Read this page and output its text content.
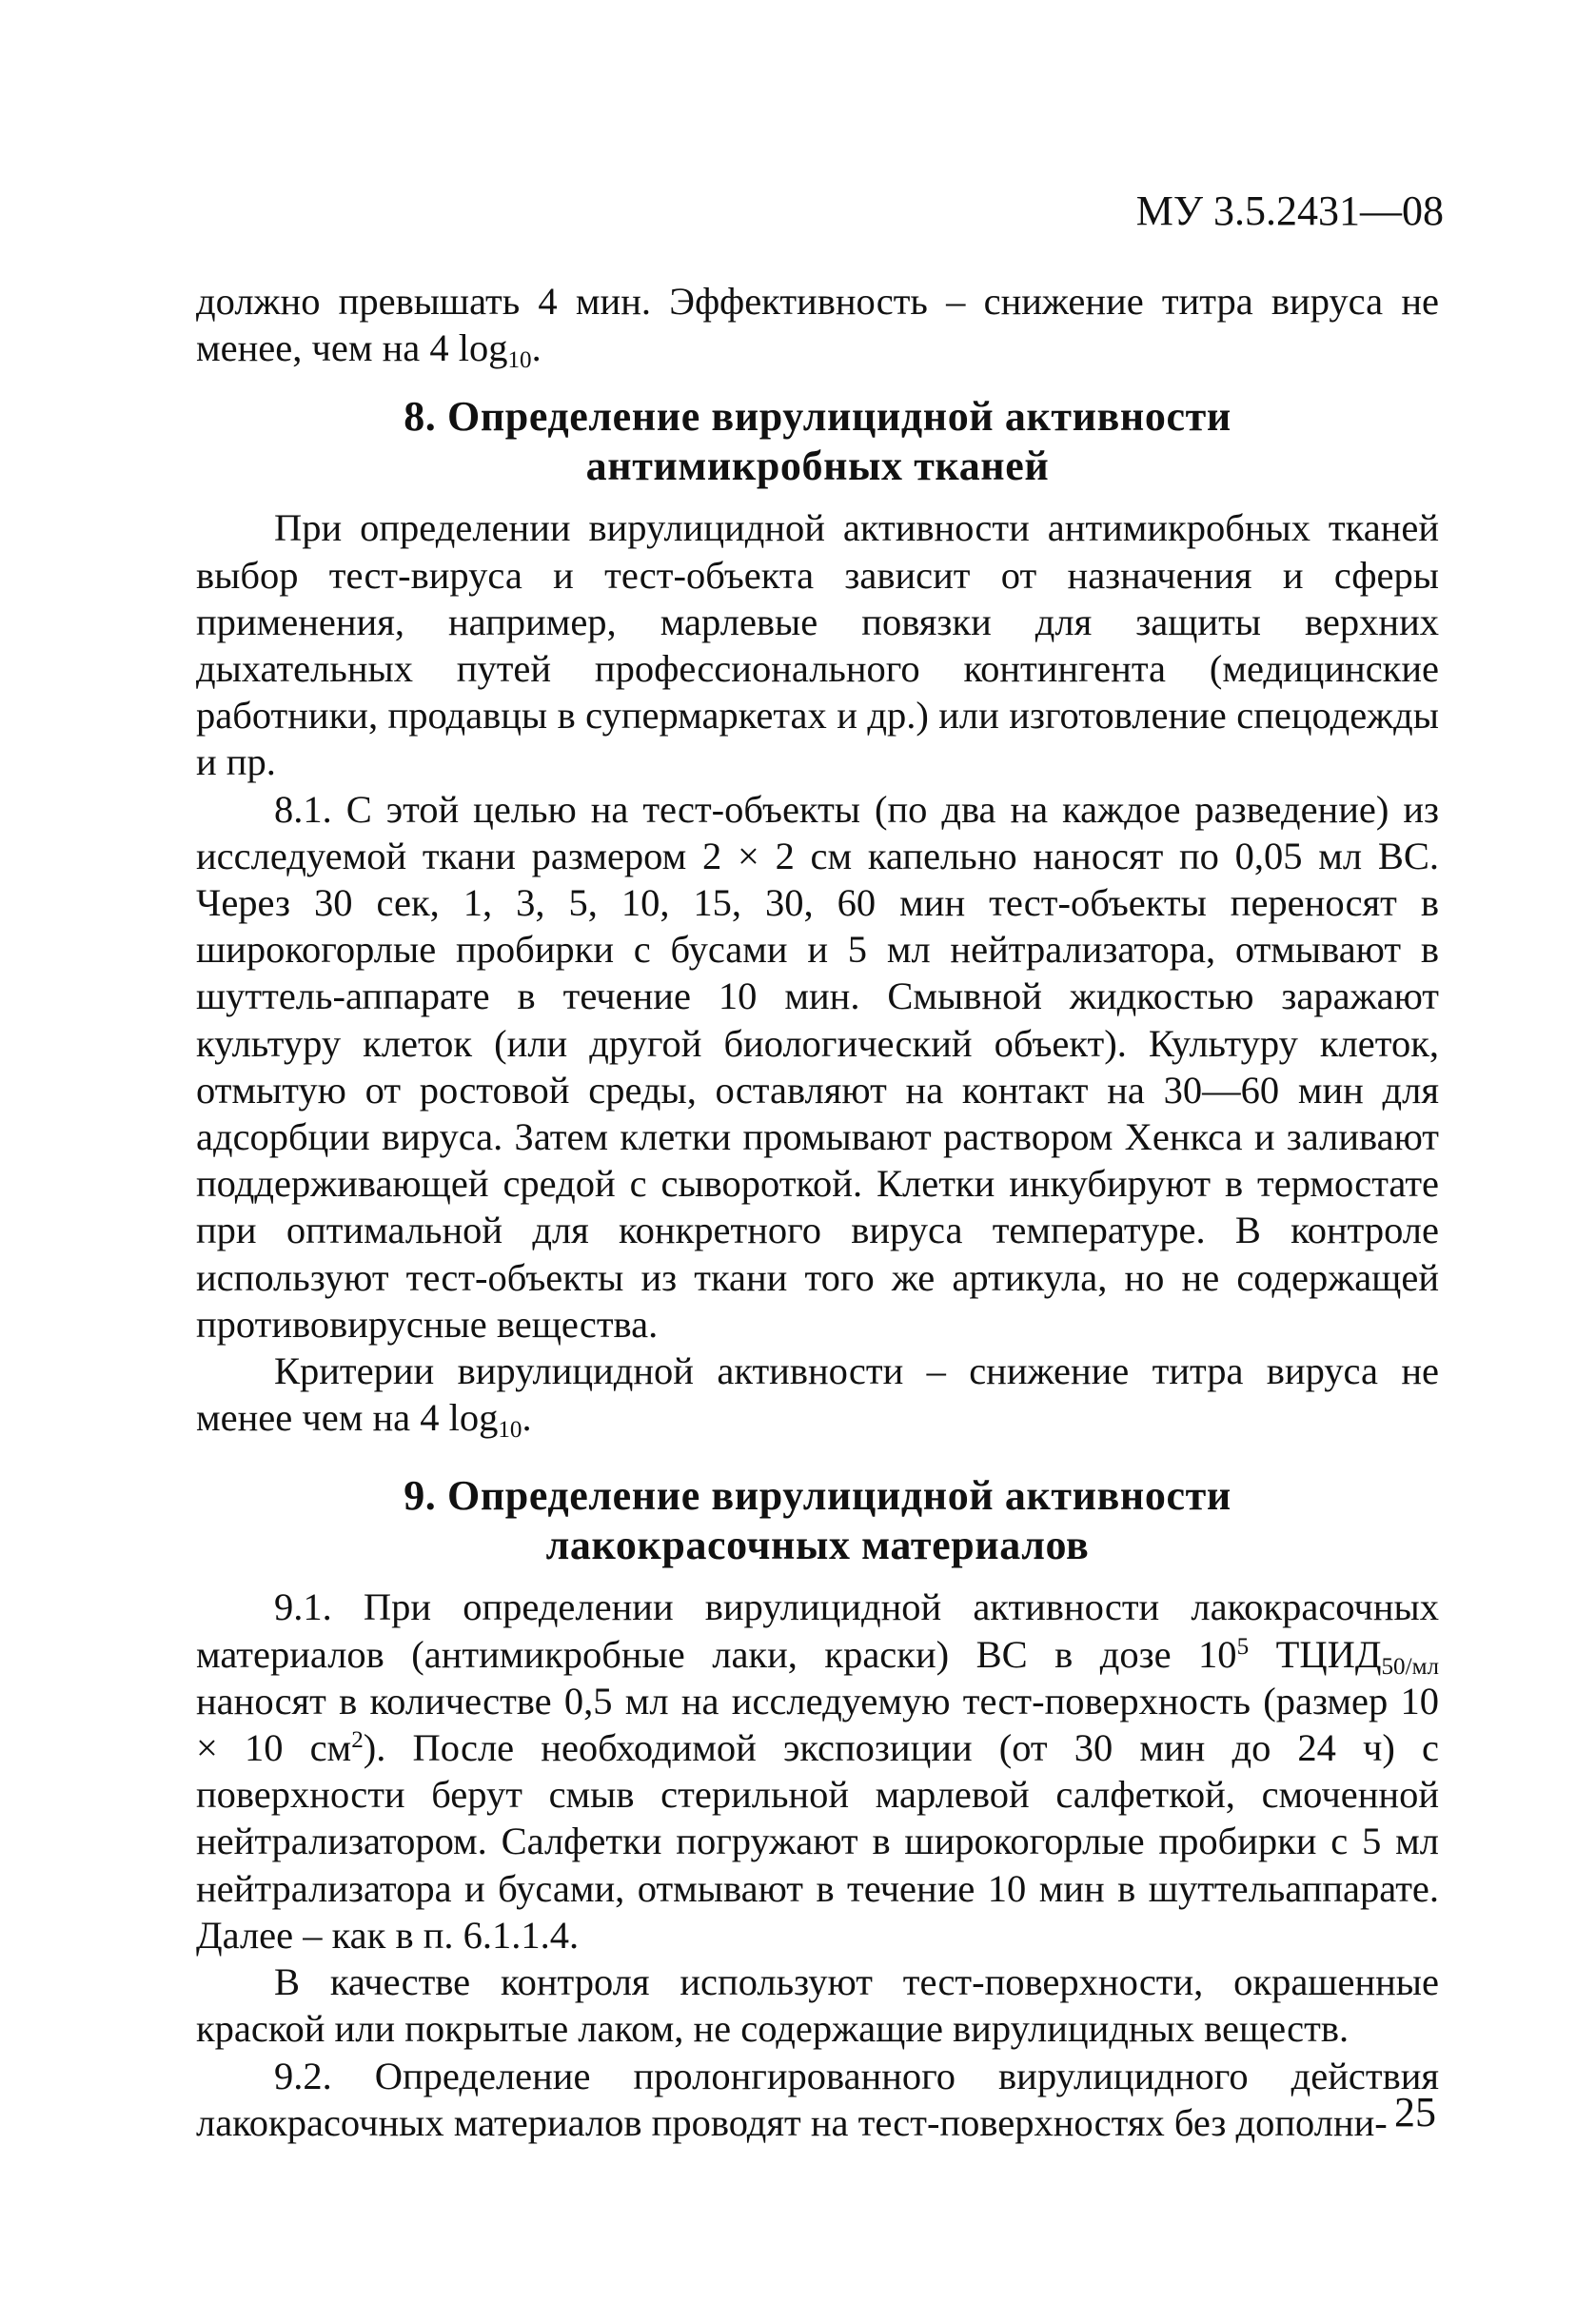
МУ 3.5.2431—08

должно превышать 4 мин. Эффективность – снижение титра вируса не менее, чем на 4 $\log_{10}$.

8. Определение вирулицидной активности
антимикробных тканей

При определении вирулицидной активности антимикробных тканей выбор тест-вируса и тест-объекта зависит от назначения и сферы применения, например, марлевые повязки для защиты верхних дыхательных путей профессионального контингента (медицинские работники, продавцы в супермаркетах и др.) или изготовление спецодежды и пр.

8.1. С этой целью на тест-объекты (по два на каждое разведение) из исследуемой ткани размером 2 × 2 см капельно наносят по 0,05 мл ВС. Через 30 сек, 1, 3, 5, 10, 15, 30, 60 мин тест-объекты переносят в широкогорлые пробирки с бусами и 5 мл нейтрализатора, отмывают в шуттель-аппарате в течение 10 мин. Смывной жидкостью заражают культуру клеток (или другой биологический объект). Культуру клеток, отмытую от ростовой среды, оставляют на контакт на 30—60 мин для адсорбции вируса. Затем клетки промывают раствором Хенкса и заливают поддерживающей средой с сывороткой. Клетки инкубируют в термостате при оптимальной для конкретного вируса температуре. В контроле используют тест-объекты из ткани того же артикула, но не содержащей противовирусные вещества.

Критерии вирулицидной активности – снижение титра вируса не менее чем на 4 $\log_{10}$.

9. Определение вирулицидной активности
лакокрасочных материалов

9.1. При определении вирулицидной активности лакокрасочных материалов (антимикробные лаки, краски) ВС в дозе $10^5$ $ТЦИД_{50/мл}$ наносят в количестве 0,5 мл на исследуемую тест-поверхность (размер 10 × 10 $см^2$). После необходимой экспозиции (от 30 мин до 24 ч) с поверхности берут смыв стерильной марлевой салфеткой, смоченной нейтрализатором. Салфетки погружают в широкогорлые пробирки с 5 мл нейтрализатора и бусами, отмывают в течение 10 мин в шуттельаппарате. Далее – как в п. 6.1.1.4.

В качестве контроля используют тест-поверхности, окрашенные краской или покрытые лаком, не содержащие вирулицидных веществ.

9.2. Определение пролонгированного вирулицидного действия лакокрасочных материалов проводят на тест-поверхностях без дополни- 25
